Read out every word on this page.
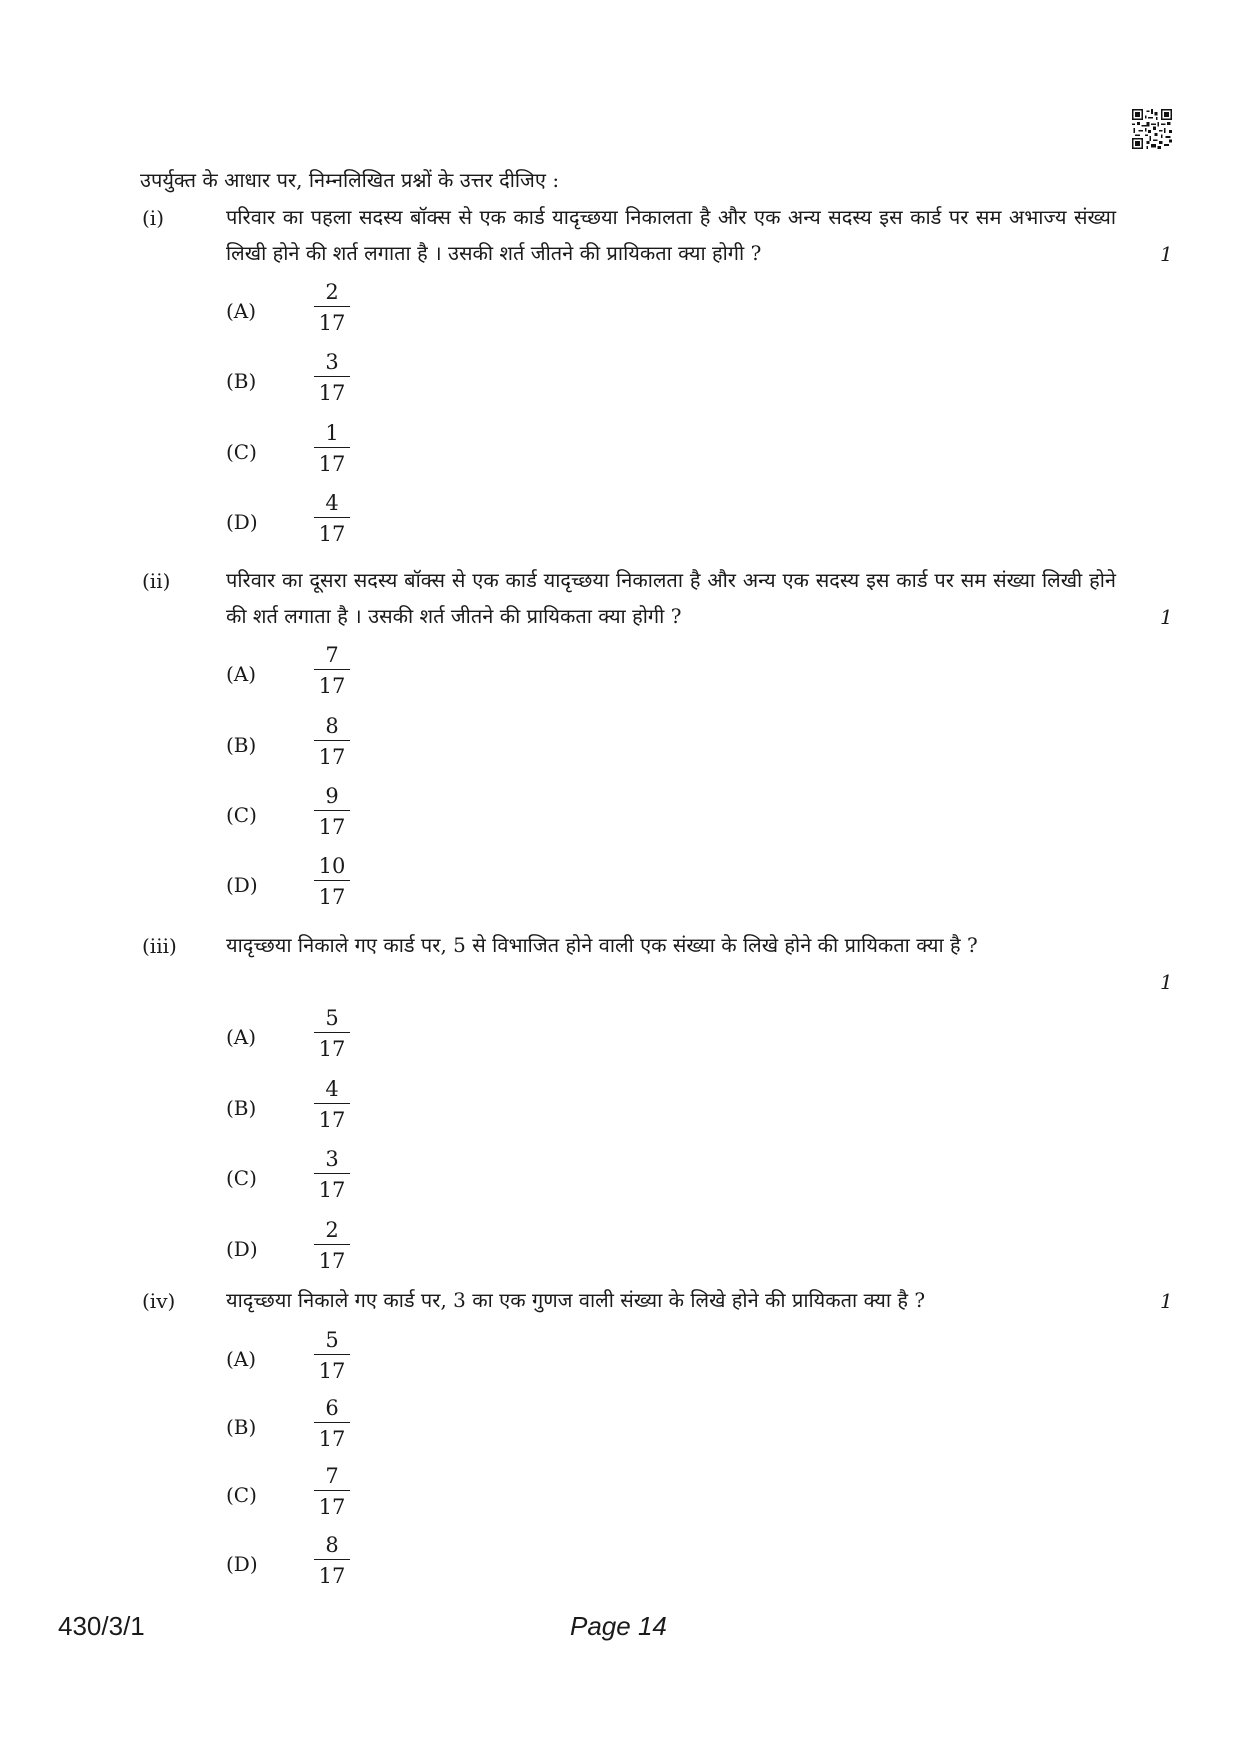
उपर्युक्त के आधार पर, निम्नलिखित प्रश्नों के उत्तर दीजिए :
(i)	परिवार का पहला सदस्य बॉक्स से एक कार्ड यादृच्छया निकालता है और एक अन्य सदस्य इस कार्ड पर सम अभाज्य संख्या लिखी होने की शर्त लगाता है । उसकी शर्त जीतने की प्रायिकता क्या होगी ?	1
(A)
2
17
(B)
3
17
(C)
1
17
(D)
4
17
(ii)	परिवार का दूसरा सदस्य बॉक्स से एक कार्ड यादृच्छया निकालता है और अन्य एक सदस्य इस कार्ड पर सम संख्या लिखी होने की शर्त लगाता है । उसकी शर्त जीतने की प्रायिकता क्या होगी ?	1
(A)
7
17
(B)
8
17
(C)
9
17
(D)
10
17
(iii) यादृच्छया निकाले गए कार्ड पर, 5 से विभाजित होने वाली एक संख्या के लिखे होने की प्रायिकता क्या है ?
1
(A)
5
17
(B)
4
17
(C)
3
17
(D)
2
17
(iv)	यादृच्छया निकाले गए कार्ड पर, 3 का एक गुणज वाली संख्या के लिखे होने की प्रायिकता क्या है ?	1
(A)
5
17
(B)
6
17
(C)
7
17
(D)
8
17
430/3/1	Page 14
